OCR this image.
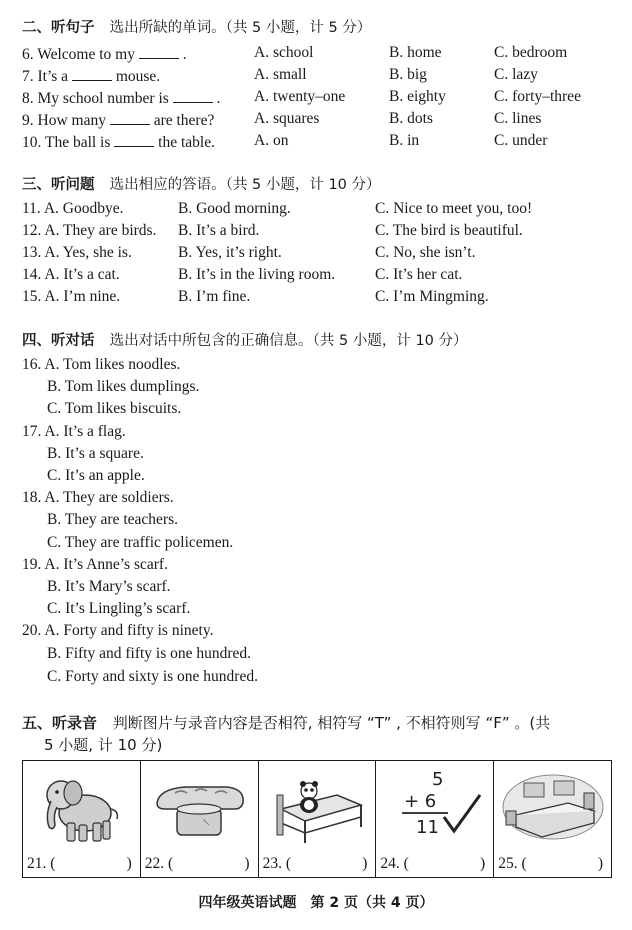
二、听句子 选出所缺的单词。（共 5 小题，计 5 分）
6. Welcome to my	.	A. school	B. home	C. bedroom
7. It’s a	mouse.	A. small	B. big	C. lazy
8. My school number is	. A. twenty–one	B. eighty	C. forty–three
9. How many	are there?	A. squares	B. dots	C. lines
10. The ball is	the table.	A. on	B. in	C. under
三、听问题 选出相应的答语。（共 5 小题，计 10 分）
11. A. Goodbye.	B. Good morning.	C. Nice to meet you, too!
12. A. They are birds. B. It’s a bird.	C. The bird is beautiful.
13. A. Yes, she is.	B. Yes, it’s right.	C. No, she isn’t.
14. A. It’s a cat.	B. It’s in the living room.	C. It’s her cat.
15. A. I’m nine.	B. I’m fine.	C. I’m Mingming.
四、听对话 选出对话中所包含的正确信息。（共 5 小题，计 10 分）
16. A. Tom likes noodles.
B. Tom likes dumplings.
C. Tom likes biscuits.
17. A. It’s a flag.
B. It’s a square.
C. It’s an apple.
18. A. They are soldiers.
B. They are teachers.
C. They are traffic policemen.
19. A. It’s Anne’s scarf.
B. It’s Mary’s scarf.
C. It’s Lingling’s scarf.
20. A. Forty and fifty is ninety.
B. Fifty and fifty is one hundred.
C. Forty and sixty is one hundred.
五、听录音 判断图片与录音内容是否相符, 相符写 “T” , 不相符则写 “F” 。(共
5 小题, 计 10 分)
21. (	) 22. (	) 23. (	)
5
+ 6
11
24. (	) 25. (	)
四年级英语试题　第 2 页（共 4 页）
